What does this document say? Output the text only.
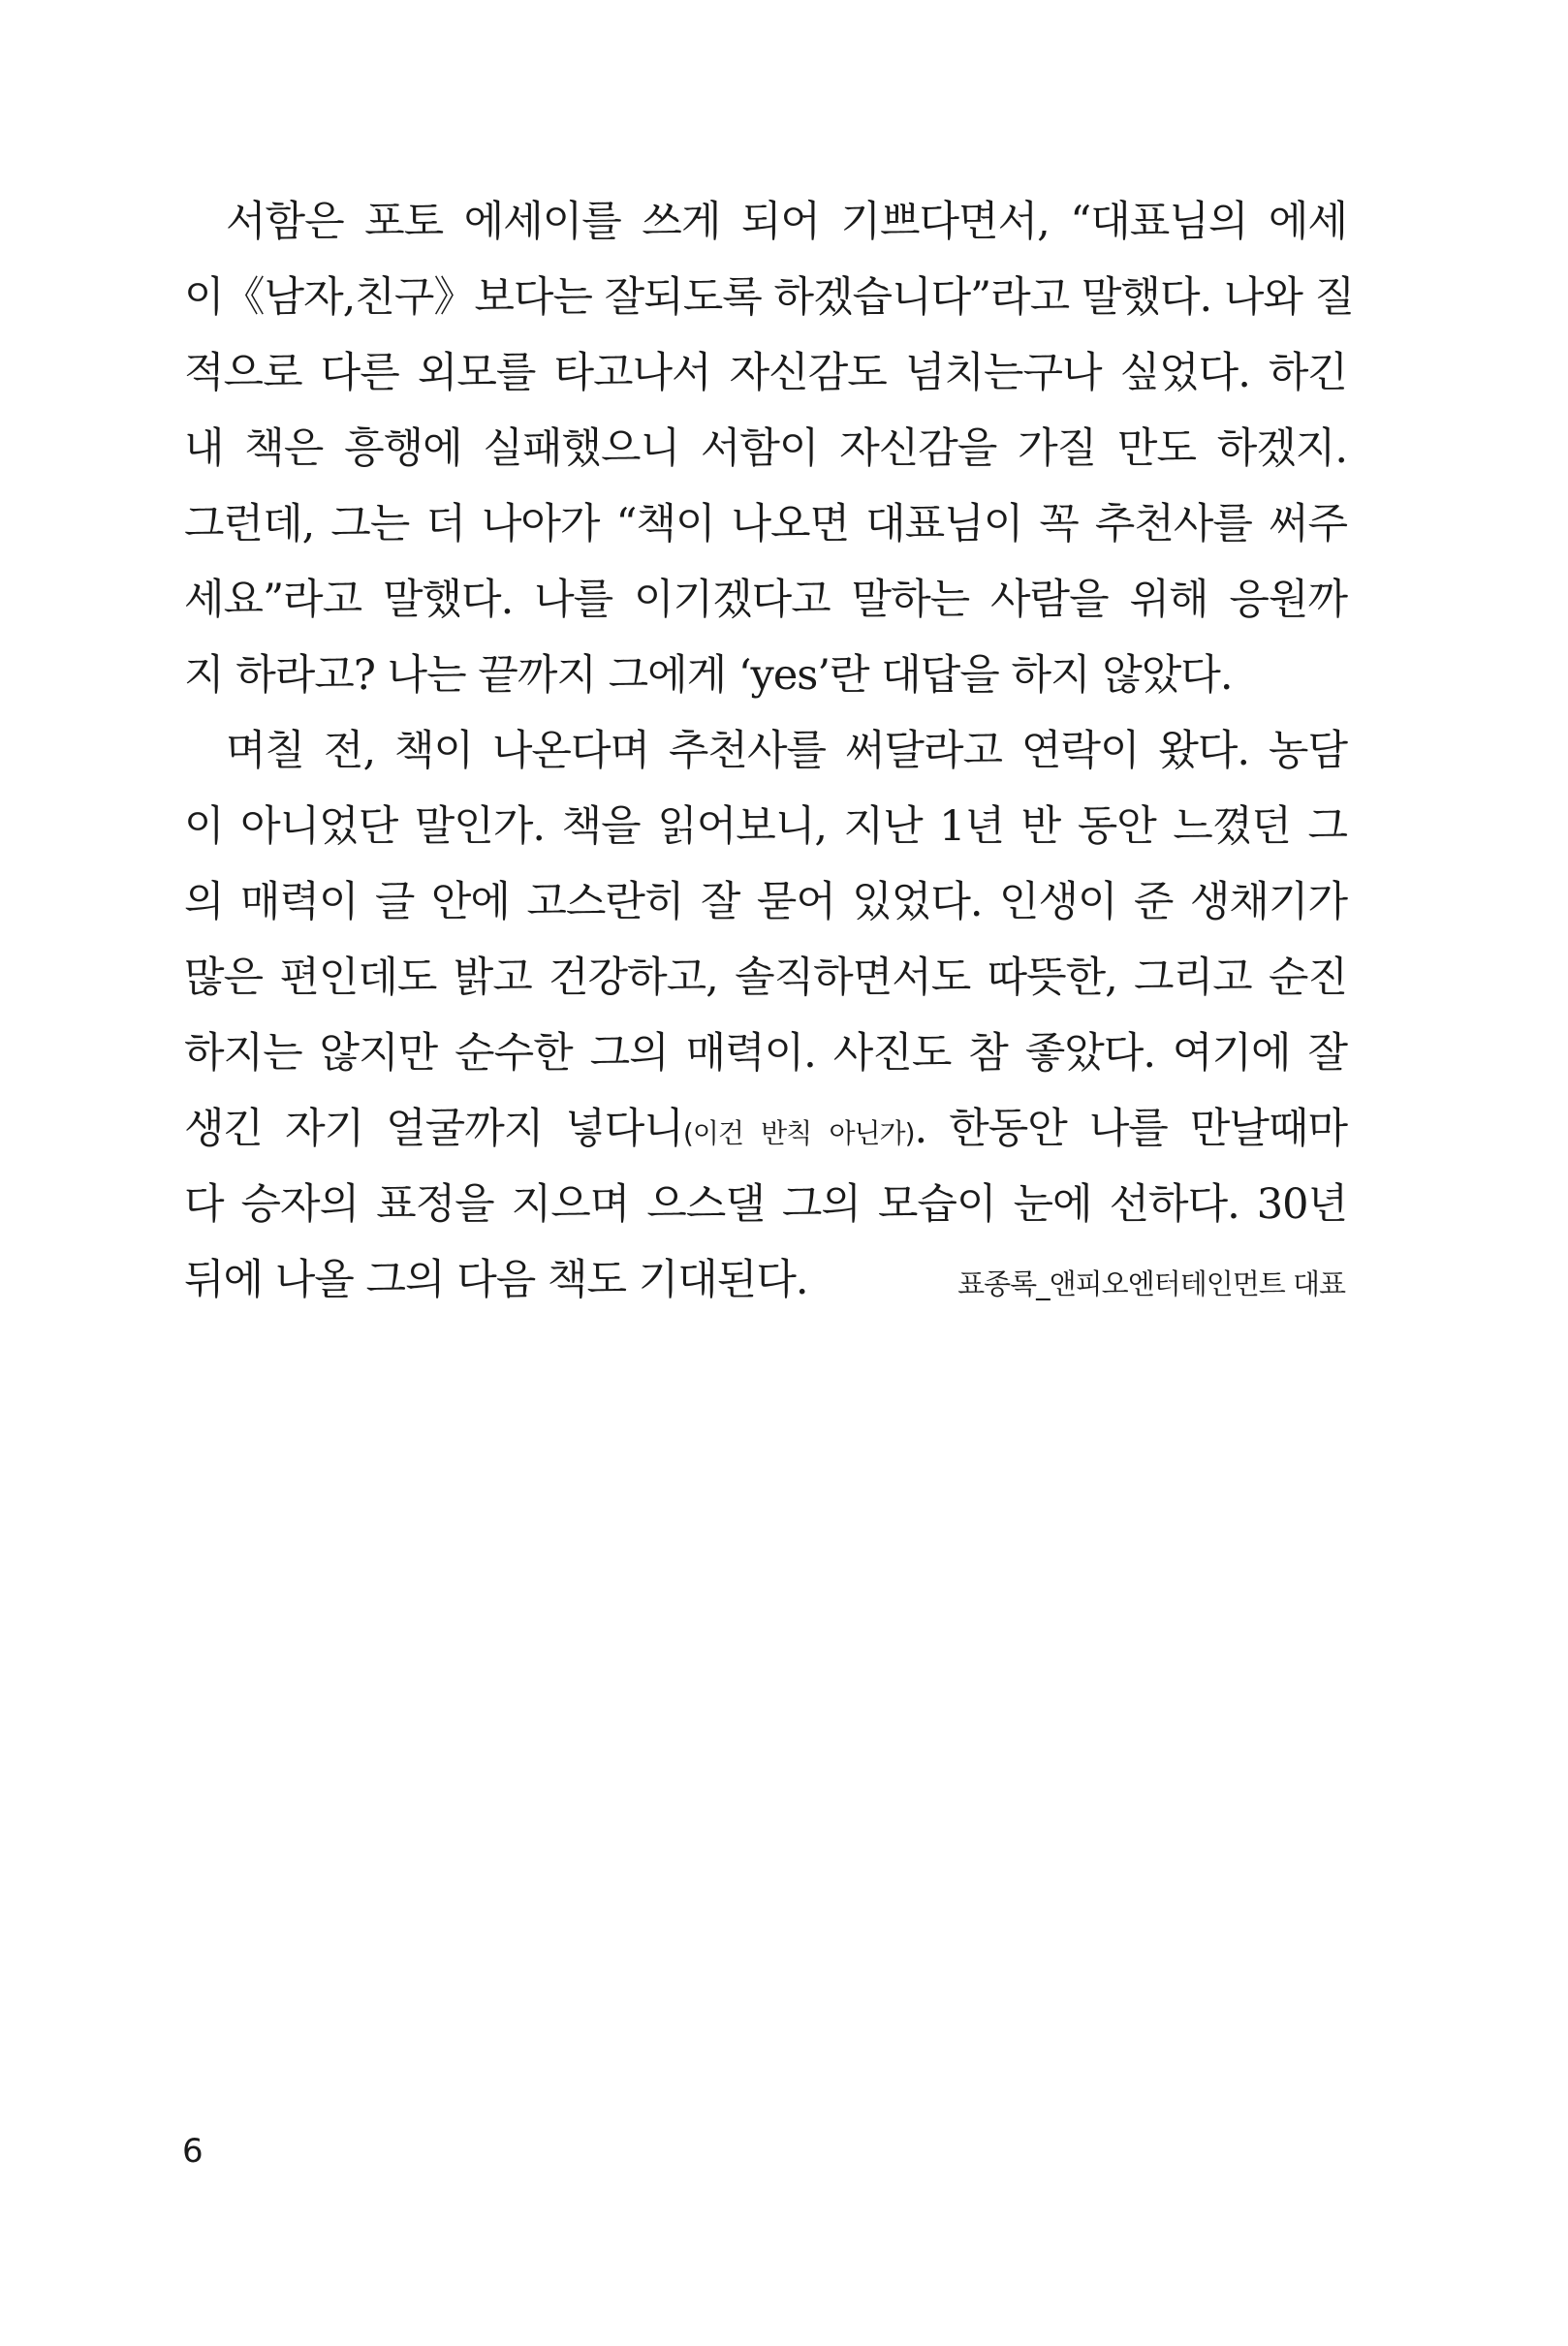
서함은 포토 에세이를 쓰게 되어 기쁘다면서, “대표님의 에세
이《남자,친구》보다는 잘되도록 하겠습니다”라고 말했다. 나와 질
적으로 다른 외모를 타고나서 자신감도 넘치는구나 싶었다. 하긴
내 책은 흥행에 실패했으니 서함이 자신감을 가질 만도 하겠지.
그런데, 그는 더 나아가 “책이 나오면 대표님이 꼭 추천사를 써주
세요”라고 말했다. 나를 이기겠다고 말하는 사람을 위해 응원까
지 하라고? 나는 끝까지 그에게 ‘yes’란 대답을 하지 않았다.
며칠 전, 책이 나온다며 추천사를 써달라고 연락이 왔다. 농담
이 아니었단 말인가. 책을 읽어보니, 지난 1년 반 동안 느꼈던 그
의 매력이 글 안에 고스란히 잘 묻어 있었다. 인생이 준 생채기가
많은 편인데도 밝고 건강하고, 솔직하면서도 따뜻한, 그리고 순진
하지는 않지만 순수한 그의 매력이. 사진도 참 좋았다. 여기에 잘
생긴 자기 얼굴까지 넣다니(이건 반칙 아닌가). 한동안 나를 만날때마
다 승자의 표정을 지으며 으스댈 그의 모습이 눈에 선하다. 30년
뒤에 나올 그의 다음 책도 기대된다.	표종록_앤피오엔터테인먼트 대표
6
